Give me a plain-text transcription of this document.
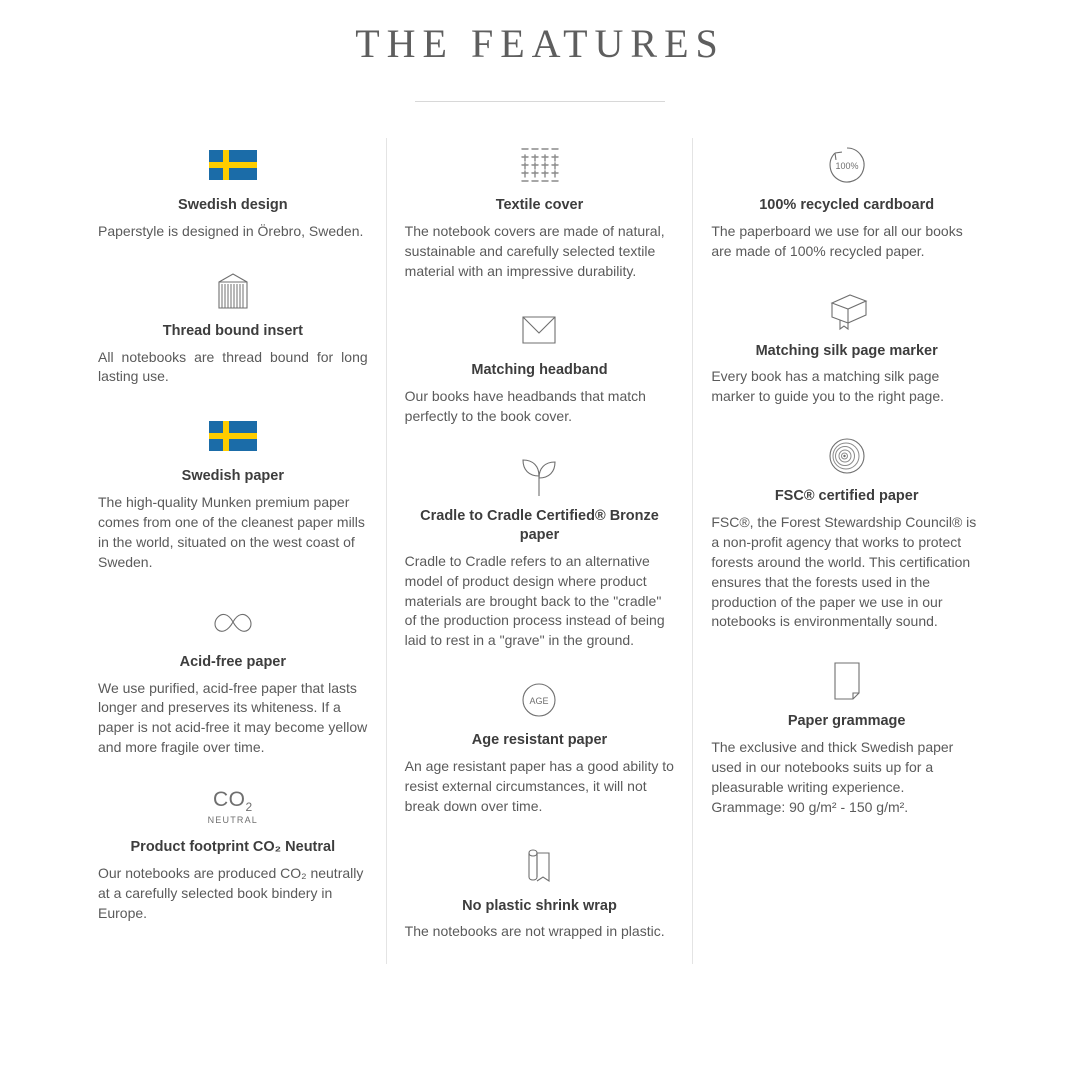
THE FEATURES
Swedish design
Paperstyle is designed in Örebro, Sweden.
Thread bound insert
All notebooks are thread bound for long lasting use.
Swedish paper
The high-quality Munken premium paper comes from one of the cleanest paper mills in the world, situated on the west coast of Sweden.
Acid-free paper
We use purified, acid-free paper that lasts longer and preserves its whiteness. If a paper is not acid-free it may become yellow and more fragile over time.
$CO_2$
NEUTRAL
Product footprint CO₂ Neutral
Our notebooks are produced CO₂ neutrally at a carefully selected book bindery in Europe.
Textile cover
The notebook covers are made of natural, sustainable and carefully selected textile material with an impressive durability.
Matching headband
Our books have headbands that match perfectly to the book cover.
Cradle to Cradle Certified® Bronze paper
Cradle to Cradle refers to an alternative model of product design where product materials are brought back to the "cradle" of the production process instead of being laid to rest in a "grave" in the ground.
AGE
Age resistant paper
An age resistant paper has a good ability to resist external circumstances, it will not break down over time.
No plastic shrink wrap
The notebooks are not wrapped in plastic.
100%
100% recycled cardboard
The paperboard we use for all our books are made of 100% recycled paper.
Matching silk page marker
Every book has a matching silk page marker to guide you to the right page.
FSC® certified paper
FSC®, the Forest Stewardship Council® is a non-profit agency that works to protect forests around the world. This certification ensures that the forests used in the production of the paper we use in our notebooks is environmentally sound.
Paper grammage
The exclusive and thick Swedish paper used in our notebooks suits up for a pleasurable writing experience. Grammage: 90 g/m² - 150 g/m².
